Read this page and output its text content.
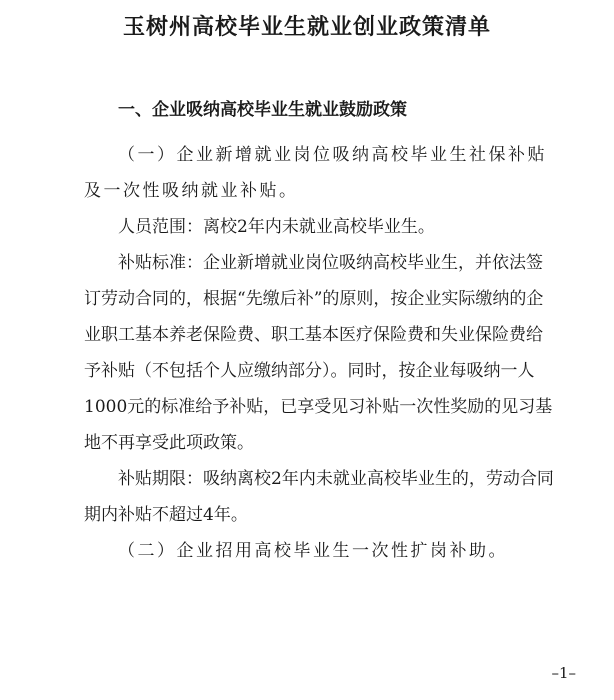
玉树州高校毕业生就业创业政策清单

一、企业吸纳高校毕业生就业鼓励政策

（一）企业新增就业岗位吸纳高校毕业生社保补贴及一次性吸纳就业补贴。

人员范围：离校2年内未就业高校毕业生。

补贴标准：企业新增就业岗位吸纳高校毕业生，并依法签订劳动合同的，根据“先缴后补”的原则，按企业实际缴纳的企业职工基本养老保险费、职工基本医疗保险费和失业保险费给予补贴（不包括个人应缴纳部分）。同时，按企业每吸纳一人1000元的标准给予补贴，已享受见习补贴一次性奖励的见习基地不再享受此项政策。

补贴期限：吸纳离校2年内未就业高校毕业生的，劳动合同期内补贴不超过4年。

（二）企业招用高校毕业生一次性扩岗补助。

–1–
